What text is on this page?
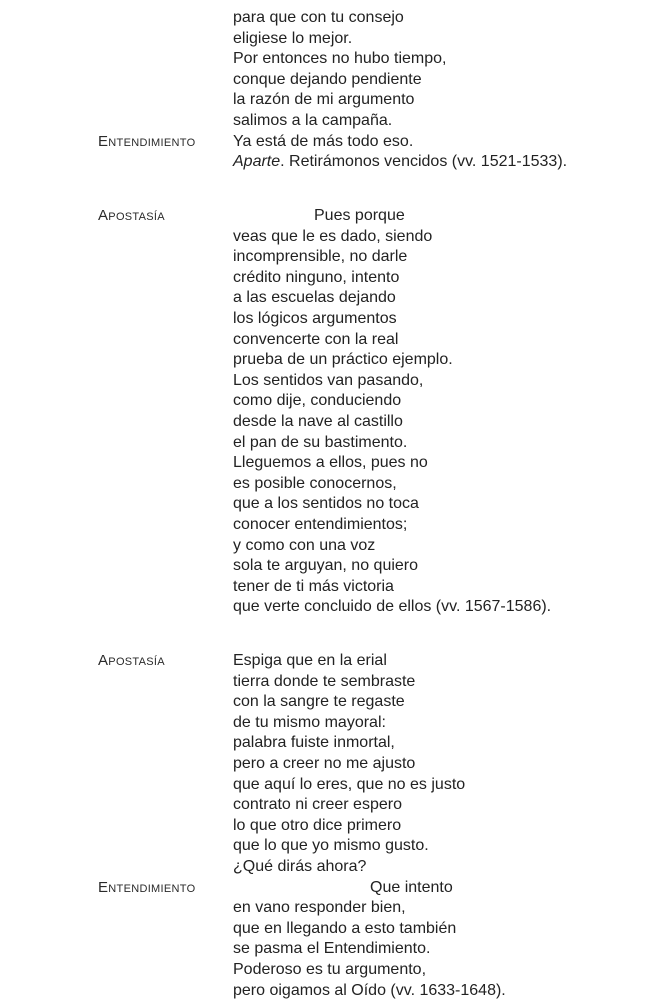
para que con tu consejo
eligiese lo mejor.
Por entonces no hubo tiempo,
conque dejando pendiente
la razón de mi argumento
salimos a la campaña.
Entendimiento Ya está de más todo eso.
Aparte. Retirámonos vencidos (vv. 1521-1533).
Apostasía	Pues porque
veas que le es dado, siendo
incomprensible, no darle
crédito ninguno, intento
a las escuelas dejando
los lógicos argumentos
convencerte con la real
prueba de un práctico ejemplo.
Los sentidos van pasando,
como dije, conduciendo
desde la nave al castillo
el pan de su bastimento.
Lleguemos a ellos, pues no
es posible conocernos,
que a los sentidos no toca
conocer entendimientos;
y como con una voz
sola te arguyan, no quiero
tener de ti más victoria
que verte concluido de ellos (vv. 1567-1586).
Apostasía	Espiga que en la erial
tierra donde te sembraste
con la sangre te regaste
de tu mismo mayoral:
palabra fuiste inmortal,
pero a creer no me ajusto
que aquí lo eres, que no es justo
contrato ni creer espero
lo que otro dice primero
que lo que yo mismo gusto.
¿Qué dirás ahora?
Entendimiento	Que intento
en vano responder bien,
que en llegando a esto también
se pasma el Entendimiento.
Poderoso es tu argumento,
pero oigamos al Oído (vv. 1633-1648).
